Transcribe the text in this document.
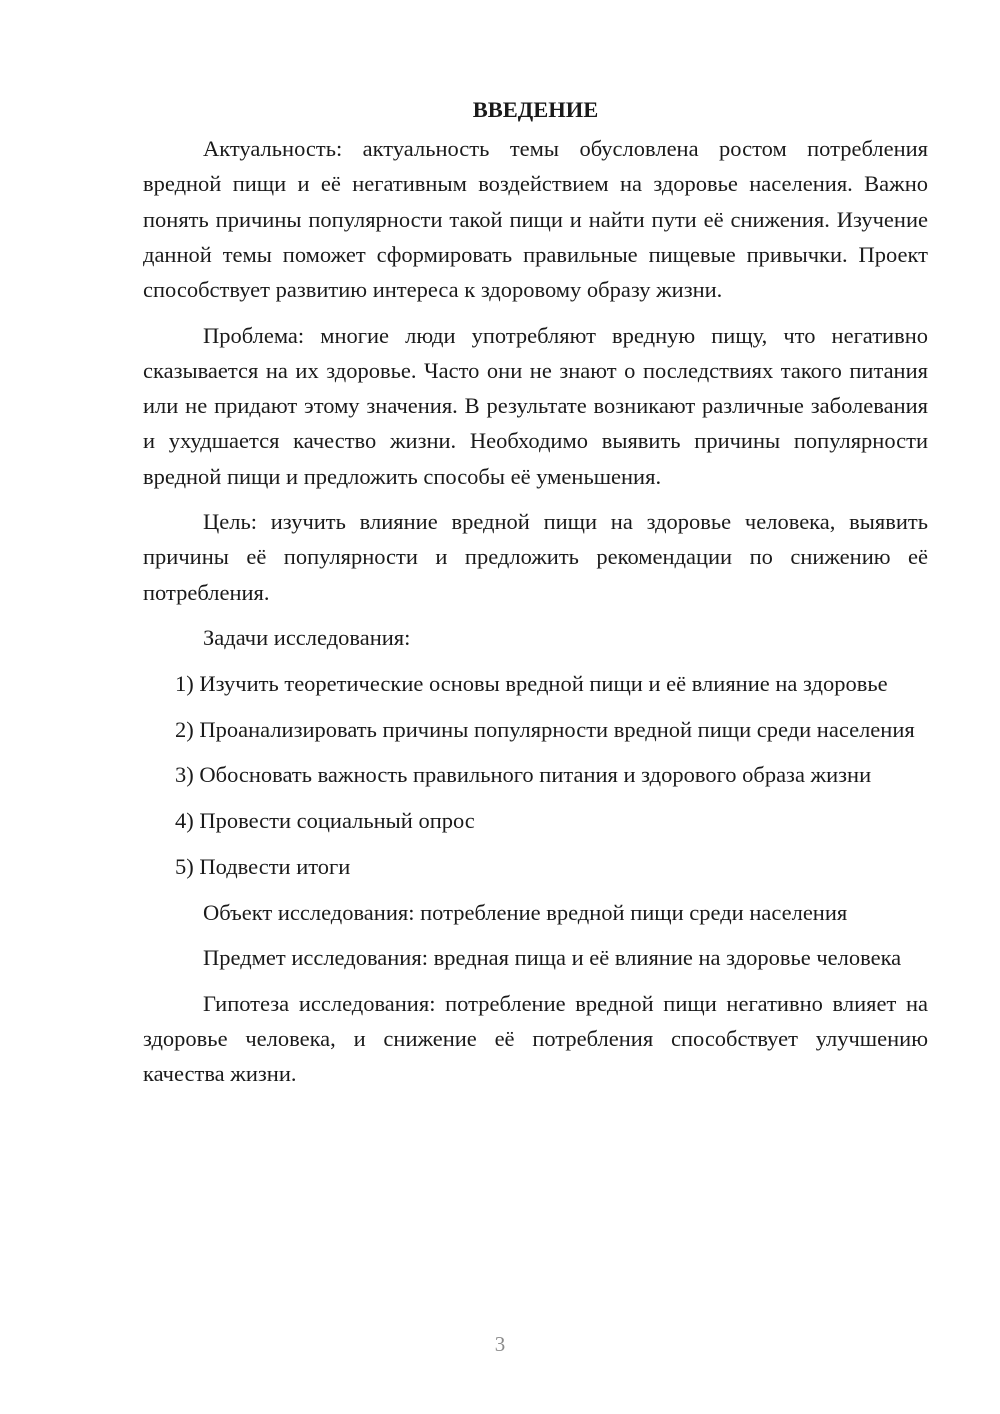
ВВЕДЕНИЕ

Актуальность: актуальность темы обусловлена ростом потребления вредной пищи и её негативным воздействием на здоровье населения. Важно понять причины популярности такой пищи и найти пути её снижения. Изучение данной темы поможет сформировать правильные пищевые привычки. Проект способствует развитию интереса к здоровому образу жизни.

Проблема: многие люди употребляют вредную пищу, что негативно сказывается на их здоровье. Часто они не знают о последствиях такого питания или не придают этому значения. В результате возникают различные заболевания и ухудшается качество жизни. Необходимо выявить причины популярности вредной пищи и предложить способы её уменьшения.

Цель: изучить влияние вредной пищи на здоровье человека, выявить причины её популярности и предложить рекомендации по снижению её потребления.

Задачи исследования:

1) Изучить теоретические основы вредной пищи и её влияние на здоровье

2) Проанализировать причины популярности вредной пищи среди населения

3) Обосновать важность правильного питания и здорового образа жизни

4) Провести социальный опрос

5) Подвести итоги

Объект исследования: потребление вредной пищи среди населения

Предмет исследования: вредная пища и её влияние на здоровье человека

Гипотеза исследования: потребление вредной пищи негативно влияет на здоровье человека, и снижение её потребления способствует улучшению качества жизни.

3
